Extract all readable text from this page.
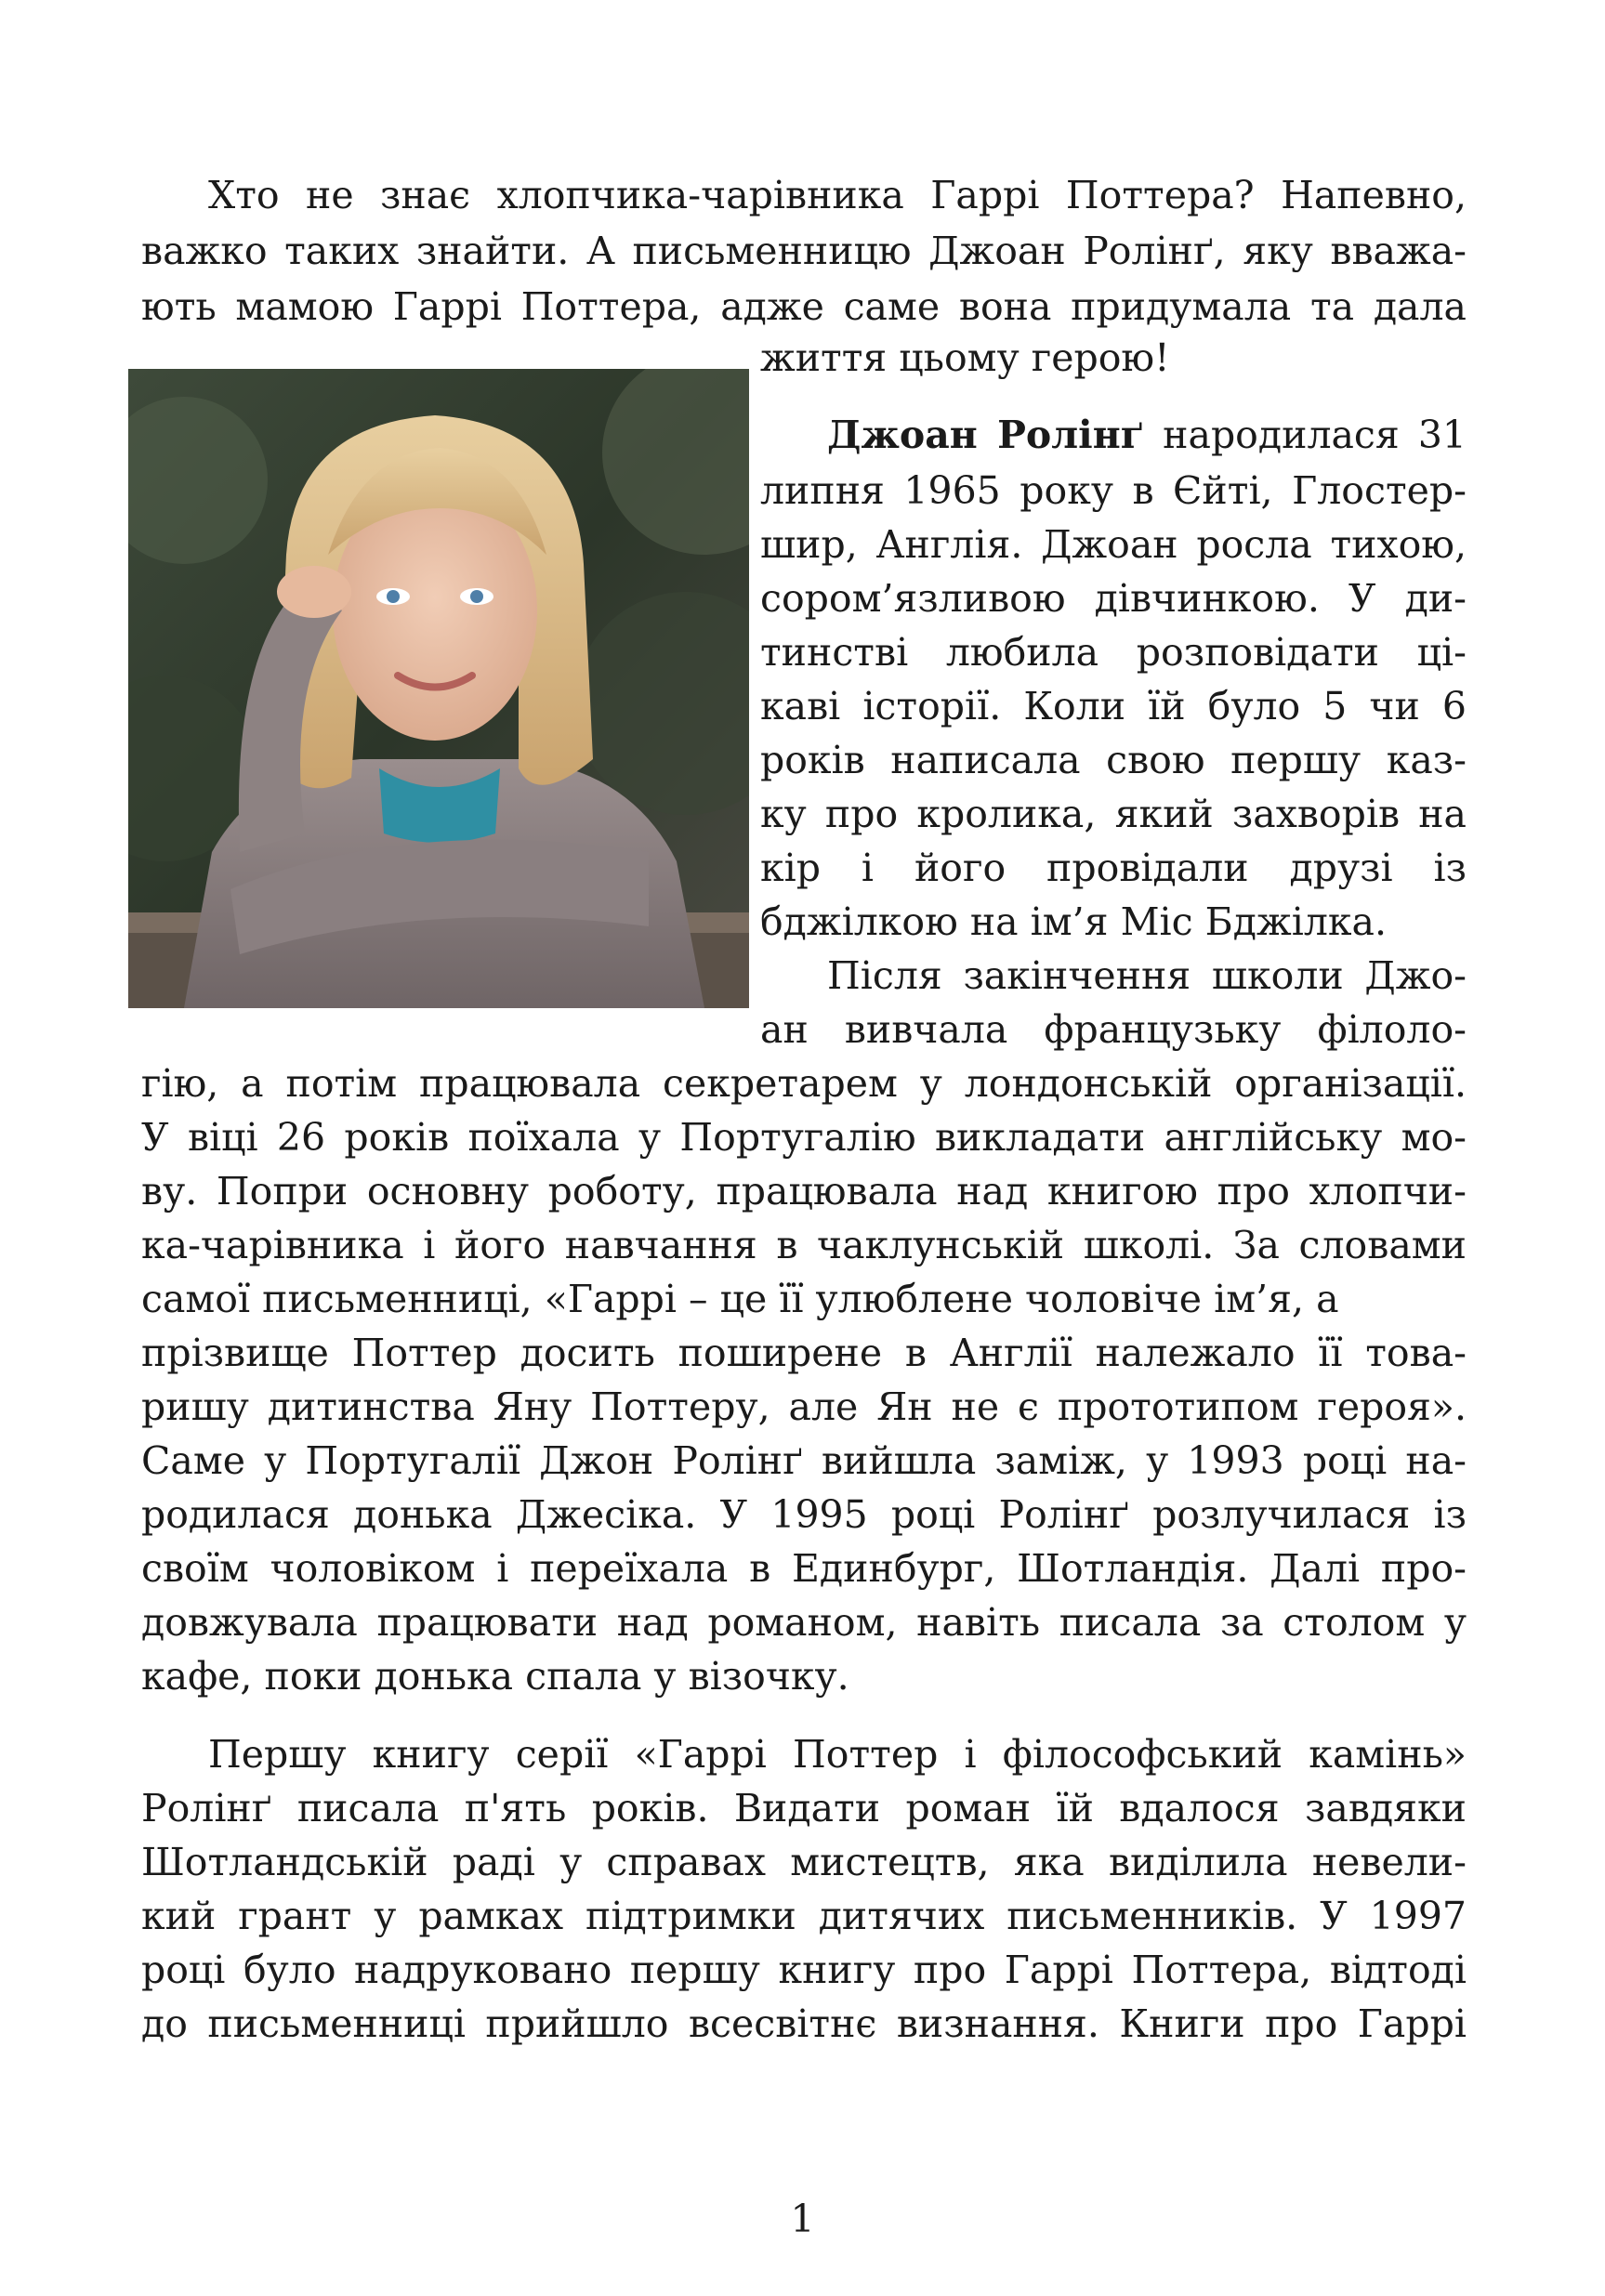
Хто не знає хлопчика-чарівника Гаррі Поттера? Напевно,
важко таких знайти. А письменницю Джоан Ролінґ, яку вважа-
ють мамою Гаррі Поттера, адже саме вона придумала та дала
життя цьому герою!
Джоан Ролінґ народилася 31
липня 1965 року в Єйті, Глостер-
шир, Англія. Джоан росла тихою,
сором’язливою дівчинкою. У ди-
тинстві любила розповідати ці-
каві історії. Коли їй було 5 чи 6
років написала свою першу каз-
ку про кролика, який захворів на
кір і його провідали друзі із
бджілкою на ім’я Міс Бджілка.
Після закінчення школи Джо-
ан вивчала французьку філоло-
гію, а потім працювала секретарем у лондонській організації.
У віці 26 років поїхала у Португалію викладати англійську мо-
ву. Попри основну роботу, працювала над книгою про хлопчи-
ка-чарівника і його навчання в чаклунській школі. За словами
самої письменниці, «Гаррі – це її улюблене чоловіче ім’я, а
прізвище Поттер досить поширене в Англії належало її това-
ришу дитинства Яну Поттеру, але Ян не є прототипом героя».
Саме у Португалії Джон Ролінґ вийшла заміж, у 1993 році на-
родилася донька Джесіка. У 1995 році Ролінґ розлучилася із
своїм чоловіком і переїхала в Единбург, Шотландія. Далі про-
довжувала працювати над романом, навіть писала за столом у
кафе, поки донька спала у візочку.
Першу книгу серії «Гаррі Поттер і філософський камінь»
Ролінґ писала п'ять років. Видати роман їй вдалося завдяки
Шотландській раді у справах мистецтв, яка виділила невели-
кий грант у рамках підтримки дитячих письменників. У 1997
році було надруковано першу книгу про Гаррі Поттера, відтоді
до письменниці прийшло всесвітнє визнання. Книги про Гаррі
1
